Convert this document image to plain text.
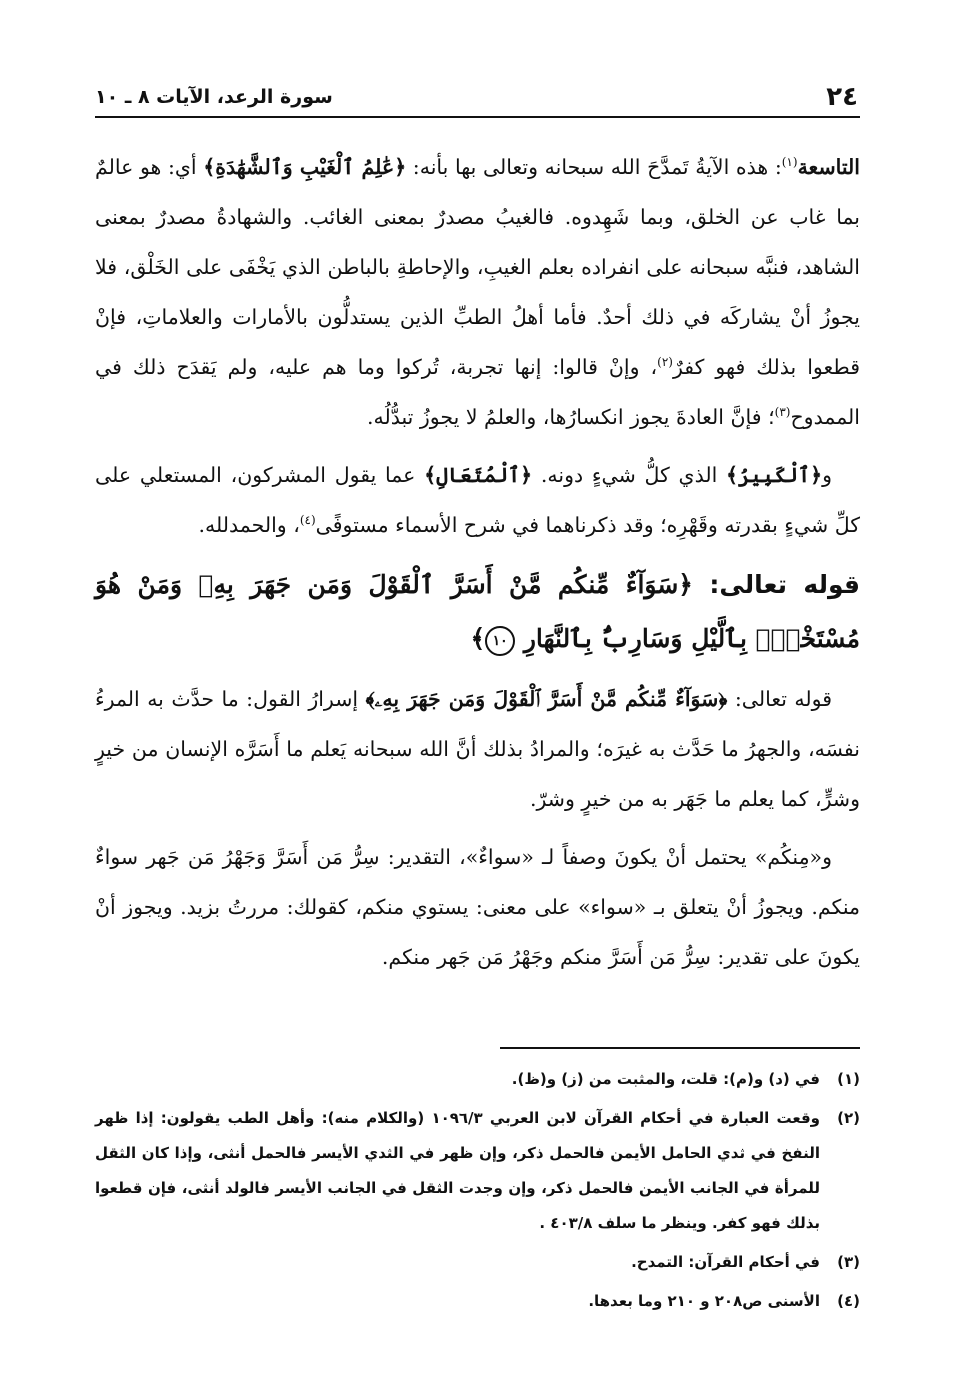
٢٤
سورة الرعد، الآيات ٨ ـ ١٠

التاسعة$^{(١)}$: هذه الآيةُ تَمدَّحَ الله سبحانه وتعالى بها بأنه: ﴿عَٰلِمُ ٱلْغَيْبِ وَٱلشَّهَٰدَةِ﴾ أي: هو عالمٌ بما غاب عن الخلق، وبما شَهِدوه. فالغيبُ مصدرٌ بمعنى الغائب. والشهادةُ مصدرٌ بمعنى الشاهد، فنبَّه سبحانه على انفراده بعلم الغيبِ، والإحاطةِ بالباطن الذي يَخْفَى على الخَلْق، فلا يجوزُ أنْ يشاركَه في ذلك أحدٌ. فأما أهلُ الطبِّ الذين يستدلُّون بالأمارات والعلاماتِ، فإنْ قطعوا بذلك فهو كفرٌ$^{(٢)}$، وإنْ قالوا: إنها تجربة، تُركوا وما هم عليه، ولم يَقدَح ذلك في الممدوح$^{(٣)}$؛ فإنَّ العادةَ يجوز انكسارُها، والعلمُ لا يجوزُ تبدُّلُه.

و﴿ٱلْكَبِيرُ﴾ الذي كلُّ شيءٍ دونه. ﴿ٱلْمُتَعَالِ﴾ عما يقول المشركون، المستعلي على كلِّ شيءٍ بقدرته وقَهْرِه؛ وقد ذكرناهما في شرح الأسماء مستوفًى$^{(٤)}$، والحمدلله.

قوله تعالى: ﴿سَوَآءٌ مِّنكُم مَّنْ أَسَرَّ ٱلْقَوْلَ وَمَن جَهَرَ بِهِۦ وَمَنْ هُوَ مُسْتَخْفٍۭ بِٱلَّيْلِ وَسَارِبٌۢ بِٱلنَّهَارِ ١٠﴾

قوله تعالى: ﴿سَوَآءٌ مِّنكُم مَّنْ أَسَرَّ ٱلْقَوْلَ وَمَن جَهَرَ بِهِۦ﴾ إسرارُ القول: ما حدَّث به المرءُ نفسَه، والجهرُ ما حَدَّث به غيرَه؛ والمرادُ بذلك أنَّ الله سبحانه يَعلم ما أَسَرَّه الإنسان من خيرٍ وشرٍّ، كما يعلم ما جَهَر به من خيرٍ وشرّ.

و«مِنكُم» يحتمل أنْ يكونَ وصفاً لـ «سواءٌ»، التقدير: سِرُّ مَن أَسَرَّ وَجَهْرُ مَن جَهر سواءٌ منكم. ويجوزُ أنْ يتعلق بـ «سواء» على معنى: يستوي منكم، كقولك: مررتُ بزيد. ويجوز أنْ يكونَ على تقدير: سِرُّ مَن أَسَرَّ منكم وجَهْرُ مَن جَهر منكم.

(١)
في (د) و(م): قلت، والمثبت من (ز) و(ظ).

(٢)
وقعت العبارة في أحكام القرآن لابن العربي ١٠٩٦/٣ (والكلام منه): وأهل الطب يقولون: إذا ظهر النفخ في ثدي الحامل الأيمن فالحمل ذكر، وإن ظهر في الثدي الأيسر فالحمل أنثى، وإذا كان الثقل للمرأة في الجانب الأيمن فالحمل ذكر، وإن وجدت الثقل في الجانب الأيسر فالولد أنثى، فإن قطعوا بذلك فهو كفر. وينظر ما سلف ٤٠٣/٨ .

(٣)
في أحكام القرآن: التمدح.

(٤)
الأسنى ص٢٠٨ و ٢١٠ وما بعدها.
